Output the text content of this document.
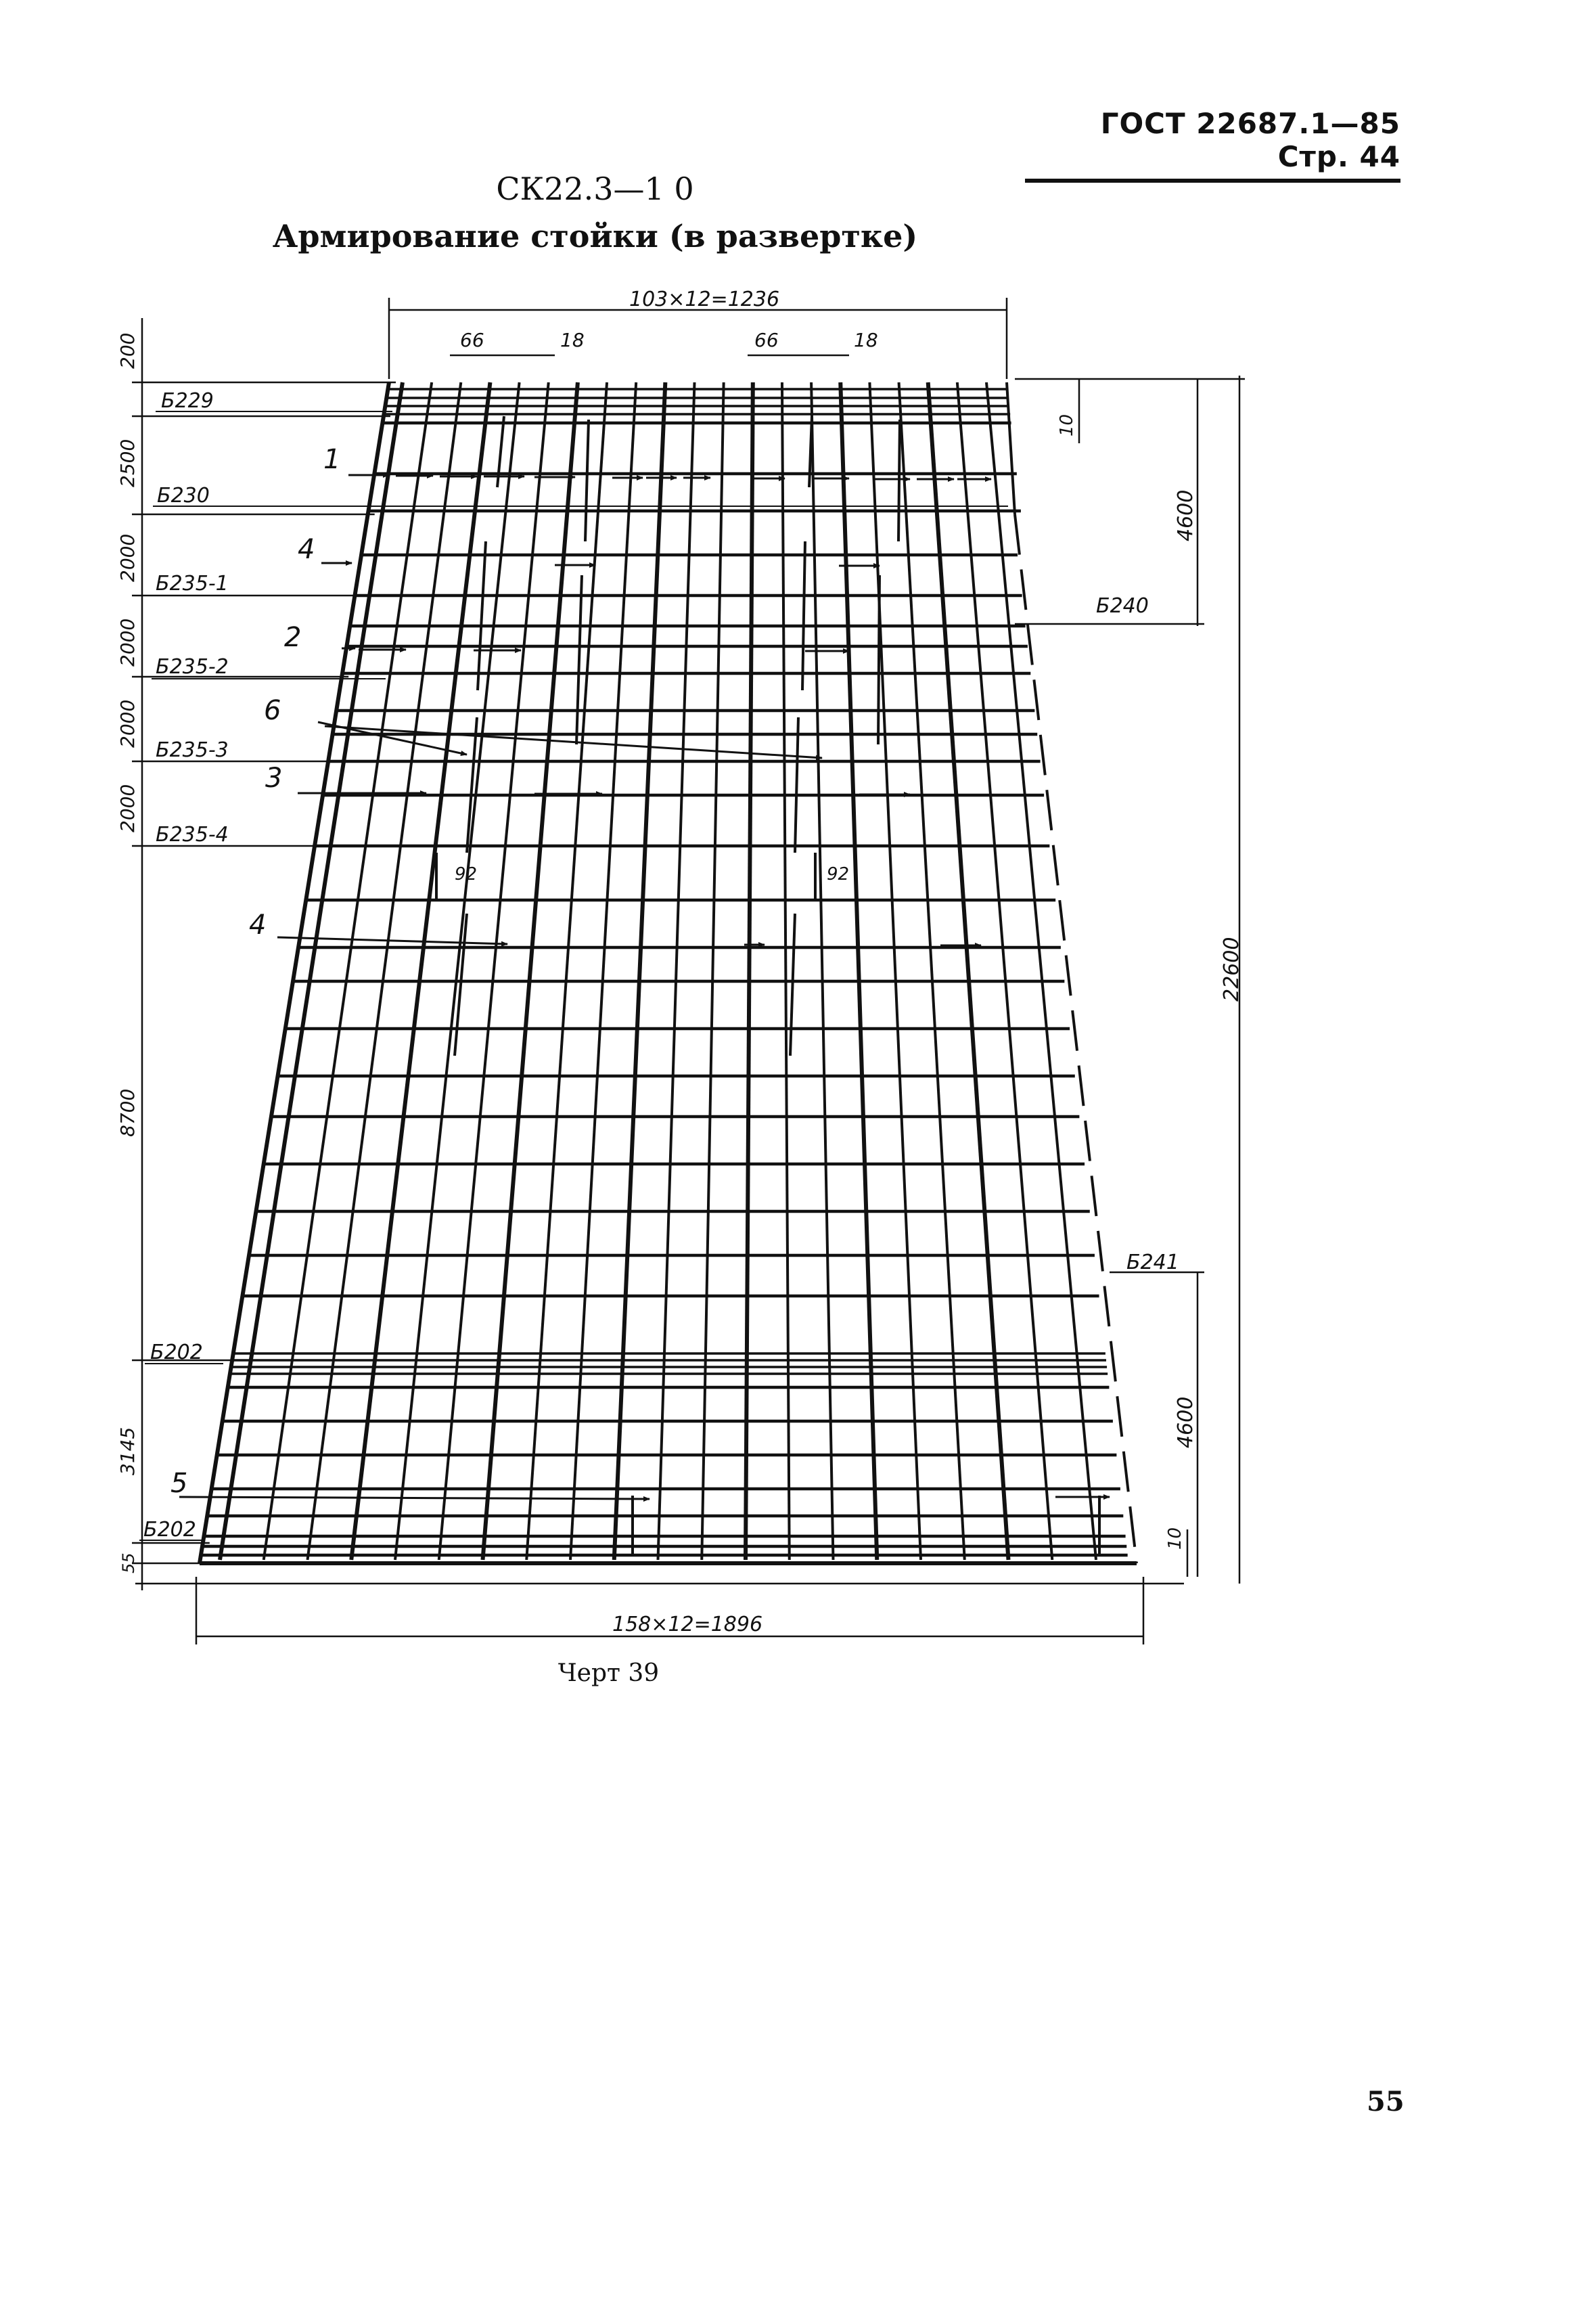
ГОСТ 22687.1—85 Стр. 44
СК22.3—1 0
Армирование стойки (в развертке)
103×12=1236
158×12=1896
66	18	66	18
92	92
200
2500
2000
2000
2000
2000
8700
3145
55
10
4600
22600
4600
10
Б229
Б230
Б235-1
Б235-2
Б235-3
Б235-4
Б202
Б202
Б240
Б241
1
4
2
6
3
4
5
Черт 39
55
